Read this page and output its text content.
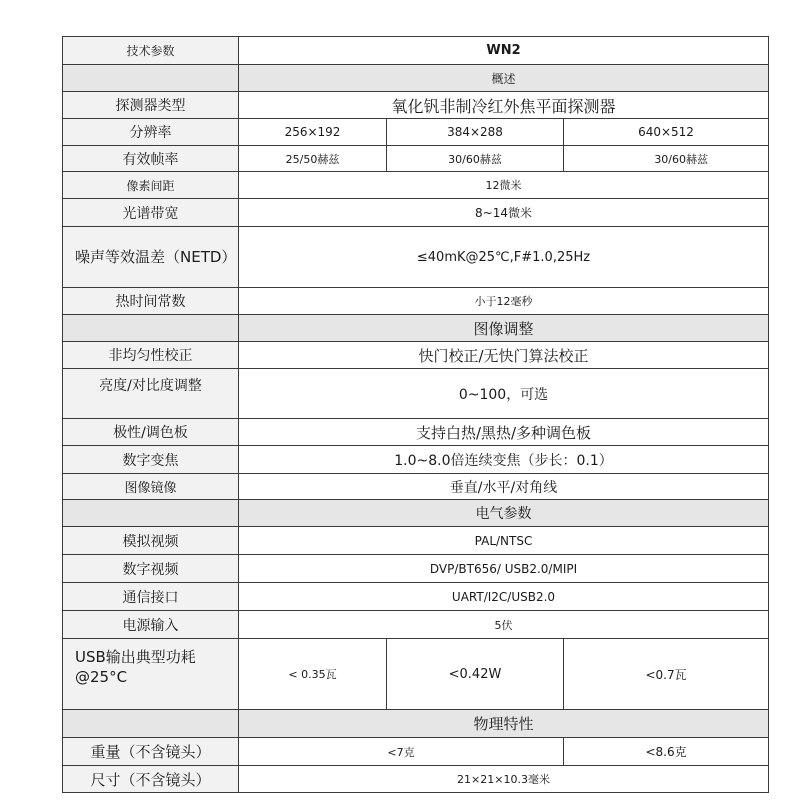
技术参数	WN2		
	概述		
探测器类型	氧化钒非制冷红外焦平面探测器		
分辨率	256×192	384×288	640×512
有效帧率	25/50赫兹	30/60赫兹	30/60赫兹
像素间距	12微米		
光谱带宽	8~14微米		
噪声等效温差（NETD）	≤40mK@25℃,F#1.0,25Hz		
热时间常数	小于12毫秒		
	图像调整		
非均匀性校正	快门校正/无快门算法校正		
亮度/对比度调整	0~100，可选		
极性/调色板	支持白热/黑热/多种调色板		
数字变焦	1.0~8.0倍连续变焦（步长：0.1）		
图像镜像	垂直/水平/对角线		
	电气参数		
模拟视频	PAL/NTSC		
数字视频	DVP/BT656/ USB2.0/MIPI		
通信接口	UART/I2C/USB2.0		
电源输入	5伏		
USB输出典型功耗@25°C	< 0.35瓦	<0.42W	<0.7瓦
	物理特性		
重量（不含镜头）	<7克		<8.6克
尺寸（不含镜头）	21×21×10.3毫米		
